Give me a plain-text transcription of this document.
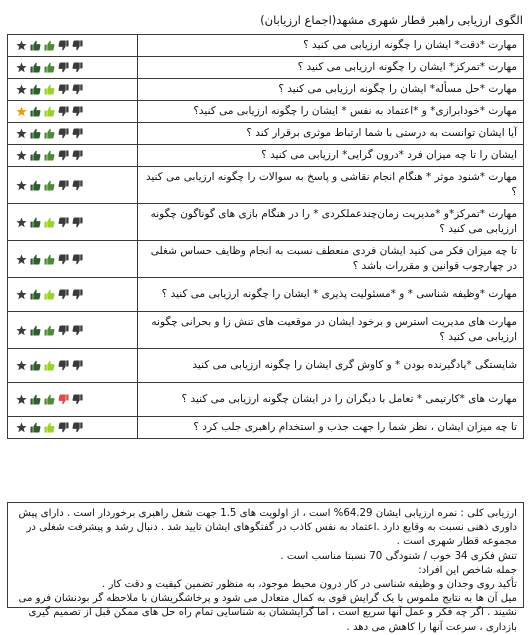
الگوی ارزیابی راهبر قطار شهری مشهد(اجماع ارزیابان)
	مهارت *دقت* ایشان را چگونه ارزیابی می کنید ؟

	مهارت *تمرکز* ایشان را چگونه ارزیابی می کنید ؟

	مهارت *حل مسأله* ایشان را چگونه ارزیابی می کنید ؟

	مهارت *خودابرازی* و *اعتماد به نفس * ایشان را چگونه ارزیابی می کنید؟

	آیا ایشان توانست به درستی با شما ارتباط موثری برقرار کند ؟

	ایشان را تا چه میزان فرد *درون گرایی* ارزیابی می کنید ؟

	مهارت *شنود موثر * هنگام انجام نقاشی و پاسخ به سوالات را چگونه ارزیابی می کنید ؟

	مهارت *تمرکز*و *مدیریت زمان‌چندعملکردی * را در هنگام بازی های گوناگون چگونه ارزیابی می کنید ؟

	تا چه میزان فکر می کنید ایشان فردی منعطف نسبت به انجام وظایف حساس شغلی در چهارچوب قوانین و مقررات باشد ؟

	مهارت *وظیفه شناسی * و *مسئولیت پذیری * ایشان را چگونه ارزیابی می کنید ؟

	مهارت های مدیریت استرس و برخود ایشان در موقعیت های تنش زا و بحرانی چگونه ارزیابی می کنید ؟

	شایستگی *یادگیرنده بودن * و کاوش گری ایشان را چگونه ارزیابی می کنید

	مهارت های *کارتیمی * تعامل با دیگران را در ایشان چگونه ارزیابی می کنید ؟

	تا چه میزان ایشان ، نظر شما را جهت جذب و استخدام راهبری جلب کرد ؟

ارزیابی کلی : نمره ارزیابی ایشان 64.29% است ، از اولویت های 1.5 جهت شغل راهبری برخوردار است . دارای پیش داوری ذهنی نسبت به وقایع دارد .اعتماد به نفس کاذب در گفتگوهای ایشان تایید شد . دنبال رشد و پیشرفت شغلی در مجموعه قطار شهری است .

تنش فکری 34 خوب / شنودگی 70 نسبتا مناسب است .

جمله شاخص این افراد:

تأکید روی وجدان و وظیفه شناسی در کار درون محیط موجود، به منظور تضمین کیفیت و دقت کار .

میل آن ها به نتایج ملموس با یک گرایش قوی به کمال متعادل می شود و پرخاشگریشان با ملاحظه گر بودنشان فرو می نشیند . اگر چه فکر و عمل آنها سریع است ، اما گرایششان به شناسایی تمام راه حل های ممکن قبل از تصمیم گیری بازداری ، سرعت آنها را کاهش می دهد .
